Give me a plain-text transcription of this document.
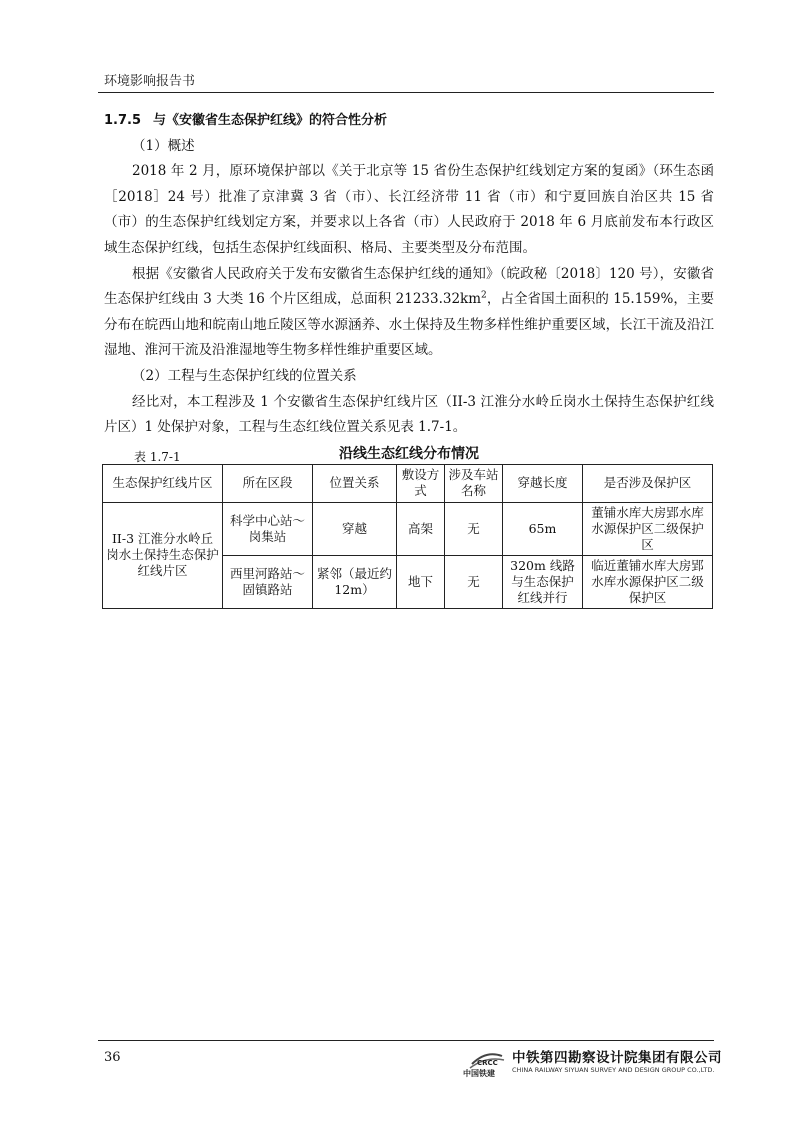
环境影响报告书

1.7.5 与《安徽省生态保护红线》的符合性分析

（1）概述

2018 年 2 月，原环境保护部以《关于北京等 15 省份生态保护红线划定方案的复函》（环生态函［2018］24 号）批准了京津冀 3 省（市）、长江经济带 11 省（市）和宁夏回族自治区共 15 省（市）的生态保护红线划定方案，并要求以上各省（市）人民政府于 2018 年 6 月底前发布本行政区域生态保护红线，包括生态保护红线面积、格局、主要类型及分布范围。

根据《安徽省人民政府关于发布安徽省生态保护红线的通知》（皖政秘〔2018〕120 号），安徽省生态保护红线由 3 大类 16 个片区组成，总面积 $21233.32km^2$，占全省国土面积的 15.159%，主要分布在皖西山地和皖南山地丘陵区等水源涵养、水土保持及生物多样性维护重要区域，长江干流及沿江湿地、淮河干流及沿淮湿地等生物多样性维护重要区域。

（2）工程与生态保护红线的位置关系

经比对，本工程涉及 1 个安徽省生态保护红线片区（II-3 江淮分水岭丘岗水土保持生态保护红线片区）1 处保护对象，工程与生态红线位置关系见表 1.7-1。

表 1.7-1	沿线生态红线分布情况
生态保护红线片区	所在区段	位置关系	敷设方式	涉及车站名称	穿越长度	是否涉及保护区
II-3 江淮分水岭丘岗水土保持生态保护红线片区	科学中心站～岗集站	穿越	高架	无	65m	董铺水库大房郢水库水源保护区二级保护区
	西里河路站～固镇路站	紧邻（最近约 12m）	地下	无	320m 线路与生态保护红线并行	临近董铺水库大房郢水库水源保护区二级保护区
36	CRCC
中国铁建
中铁第四勘察设计院集团有限公司
CHINA RAILWAY SIYUAN SURVEY AND DESIGN GROUP CO.,LTD.
